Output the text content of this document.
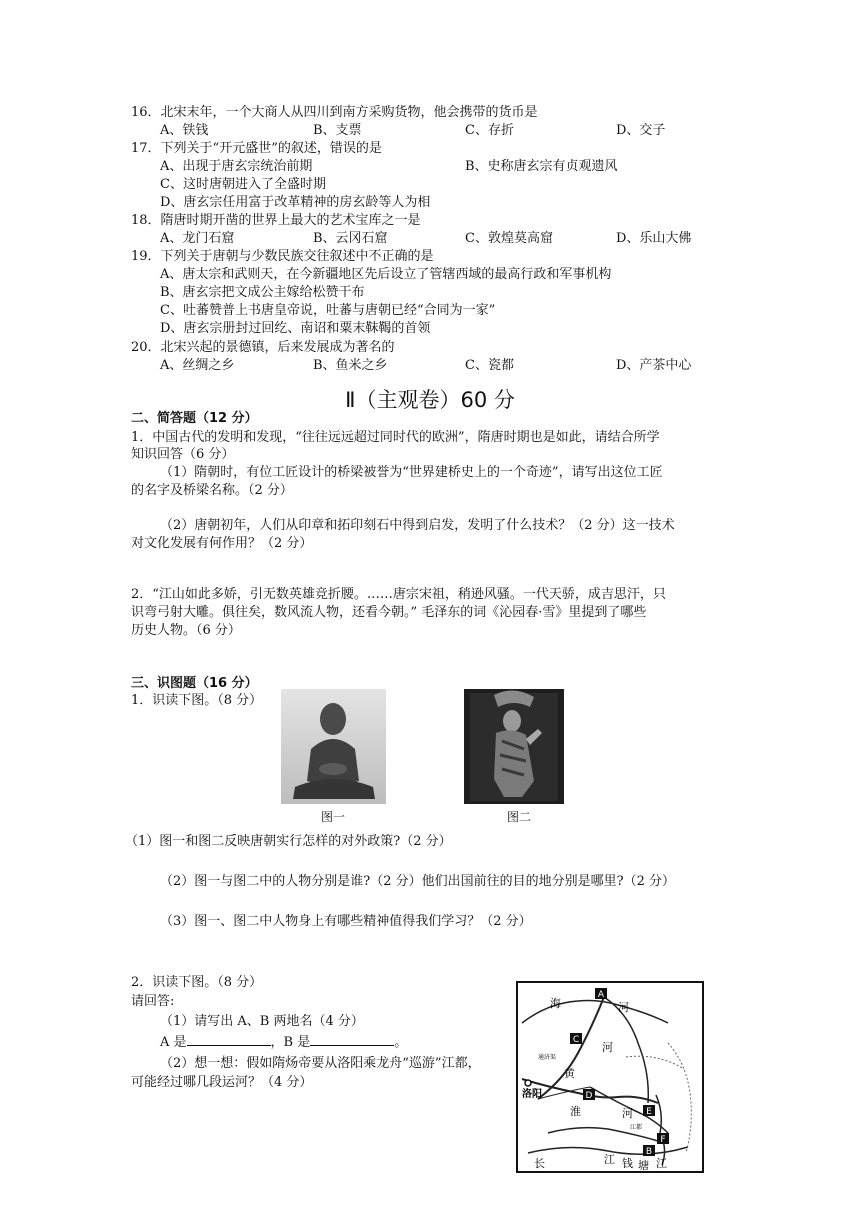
16．北宋末年，一个大商人从四川到南方采购货物，他会携带的货币是
A、铁钱	B、支票	C、存折	D、交子
17．下列关于“开元盛世”的叙述，错误的是
A、出现于唐玄宗统治前期	B、史称唐玄宗有贞观遗风
C、这时唐朝进入了全盛时期
D、唐玄宗任用富于改革精神的房玄龄等人为相
18．隋唐时期开凿的世界上最大的艺术宝库之一是
A、龙门石窟	B、云冈石窟	C、敦煌莫高窟	D、乐山大佛
19．下列关于唐朝与少数民族交往叙述中不正确的是
A、唐太宗和武则天，在今新疆地区先后设立了管辖西域的最高行政和军事机构
B、唐玄宗把文成公主嫁给松赞干布
C、吐蕃赞普上书唐皇帝说，吐蕃与唐朝已经“合同为一家”
D、唐玄宗册封过回纥、南诏和粟末靺鞨的首领
20．北宋兴起的景德镇，后来发展成为著名的
A、丝绸之乡	B、鱼米之乡	C、瓷都	D、产茶中心
Ⅱ（主观卷）60 分
二、简答题（12 分）
1．中国古代的发明和发现，“往往远远超过同时代的欧洲”，隋唐时期也是如此，请结合所学
知识回答（6 分）
（1）隋朝时，有位工匠设计的桥梁被誉为“世界建桥史上的一个奇迹”，请写出这位工匠
的名字及桥梁名称。（2 分）
（2）唐朝初年，人们从印章和拓印刻石中得到启发，发明了什么技术？（2 分）这一技术
对文化发展有何作用？（2 分）
2．“江山如此多娇，引无数英雄竞折腰。……唐宗宋祖，稍逊风骚。一代天骄，成吉思汗，只
识弯弓射大雕。俱往矣，数风流人物，还看今朝。” 毛泽东的词《沁园春·雪》里提到了哪些
历史人物。（6 分）
三、识图题（16 分）
1．识读下图。（8 分）
图一	图二
（1）图一和图二反映唐朝实行怎样的对外政策?（2 分）
（2）图一与图二中的人物分别是谁?（2 分）他们出国前往的目的地分别是哪里?（2 分）
（3）图一、图二中人物身上有哪些精神值得我们学习？（2 分）
2．识读下图。（8 分）
请回答:
（1）请写出 A、B 两地名（4 分）
A 是	，B 是	。
（2）想一想：假如隋炀帝要从洛阳乘龙舟“巡游”江都，
可能经过哪几段运河？（4 分）
A
C
D
E
F
B
海	河
河
黄
通济渠
洛阳
淮	河
江都
长	江 钱 塘 江
